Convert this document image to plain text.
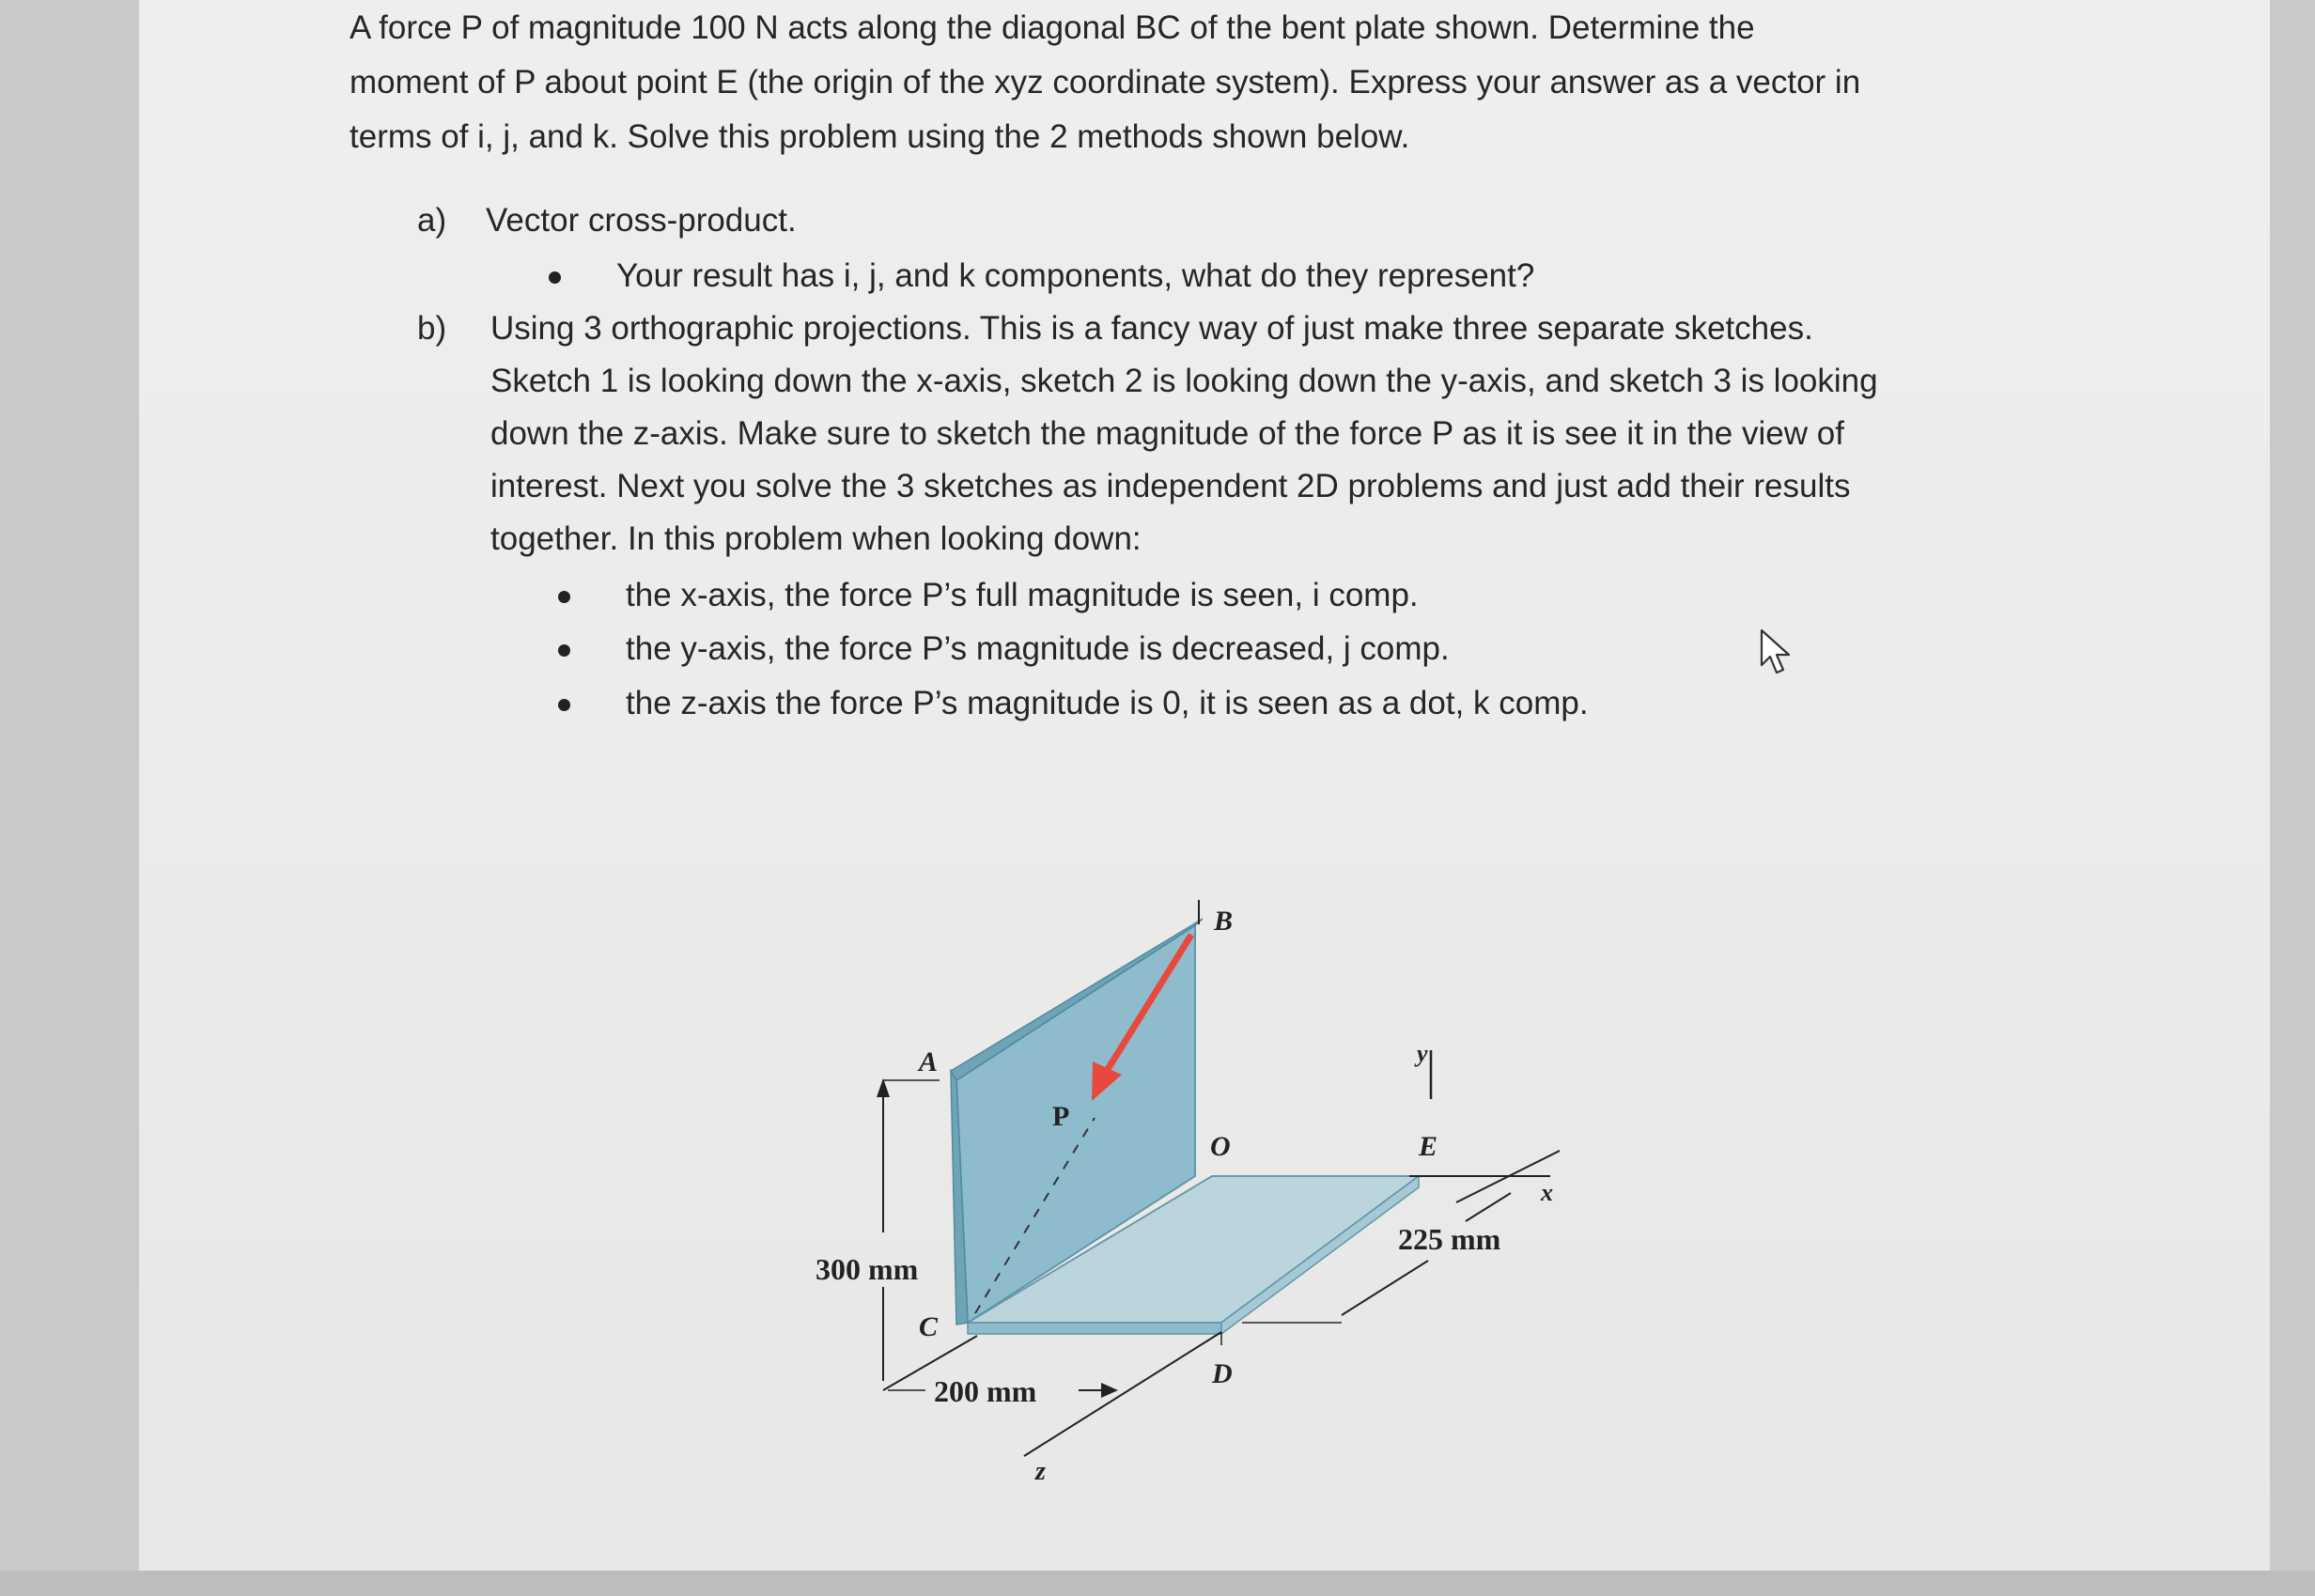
A force P of magnitude 100 N acts along the diagonal BC of the bent plate shown. Determine the
moment of P about point E (the origin of the xyz coordinate system). Express your answer as a vector in
terms of i, j, and k. Solve this problem using the 2 methods shown below.
a) Vector cross-product.
Your result has i, j, and k components, what do they represent?
b) Using 3 orthographic projections. This is a fancy way of just make three separate sketches.
Sketch 1 is looking down the x-axis, sketch 2 is looking down the y-axis, and sketch 3 is looking
down the z-axis. Make sure to sketch the magnitude of the force P as it is see it in the view of
interest. Next you solve the 3 sketches as independent 2D problems and just add their results
together. In this problem when looking down:
the x-axis, the force P’s full magnitude is seen, i comp.
the y-axis, the force P’s magnitude is decreased, j comp.
the z-axis the force P’s magnitude is 0, it is seen as a dot, k comp.
B
A
P
O	E
C
D
x
y
z
300 mm
200 mm
225 mm
